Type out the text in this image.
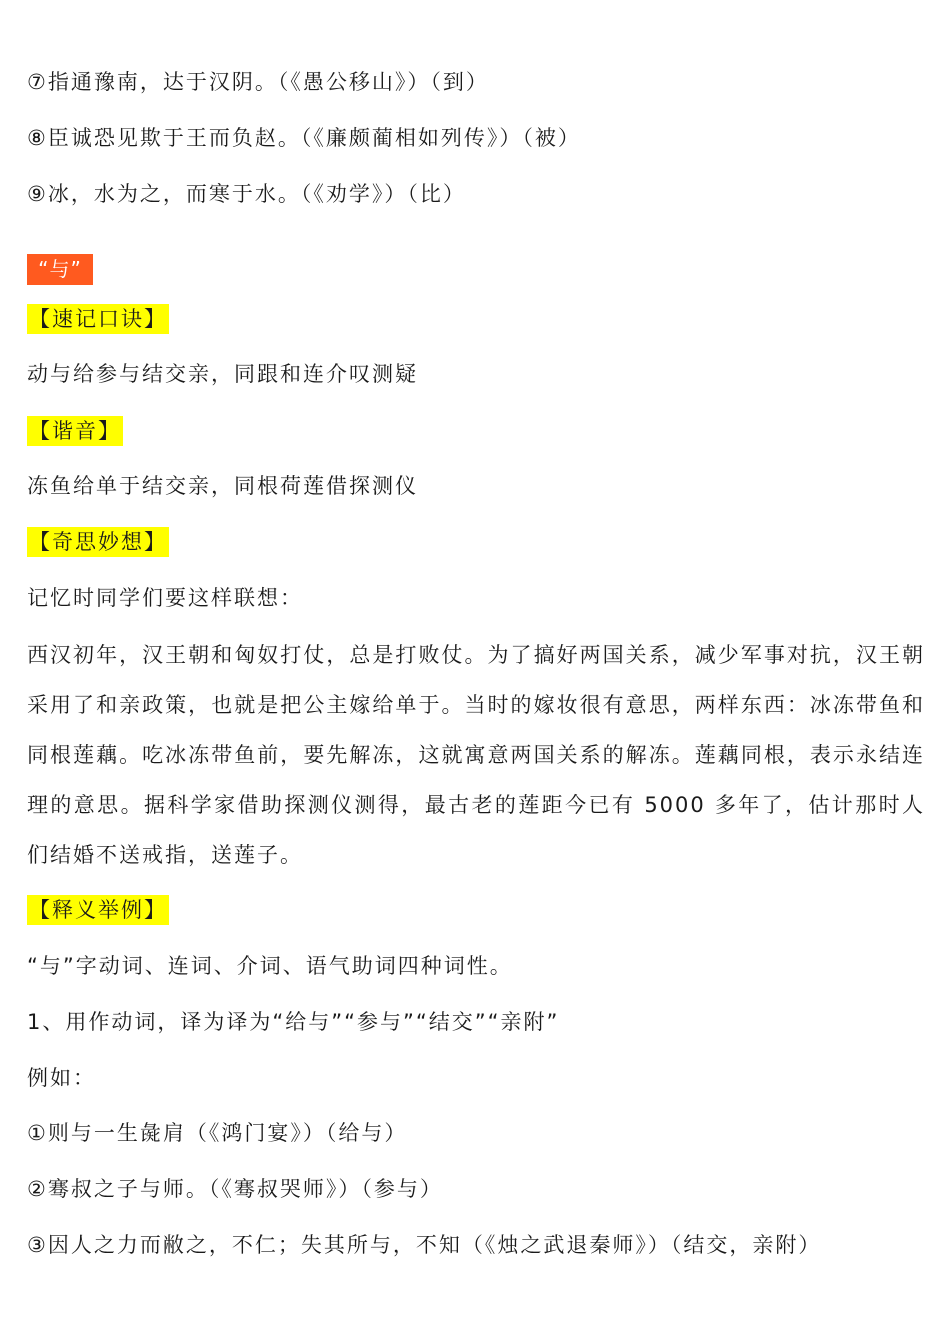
⑦指通豫南，达于汉阴。（《愚公移山》）（到）
⑧臣诚恐见欺于王而负赵。（《廉颇蔺相如列传》）（被）
⑨冰，水为之，而寒于水。（《劝学》）（比）
“与”
【速记口诀】
动与给参与结交亲，同跟和连介叹测疑
【谐音】
冻鱼给单于结交亲，同根荷莲借探测仪
【奇思妙想】
记忆时同学们要这样联想：
西汉初年，汉王朝和匈奴打仗，总是打败仗。为了搞好两国关系，减少军事对抗，汉王朝采用了和亲政策，也就是把公主嫁给单于。当时的嫁妆很有意思，两样东西：冰冻带鱼和同根莲藕。吃冰冻带鱼前，要先解冻，这就寓意两国关系的解冻。莲藕同根，表示永结连理的意思。据科学家借助探测仪测得，最古老的莲距今已有 5000 多年了，估计那时人们结婚不送戒指，送莲子。
【释义举例】
“与”字动词、连词、介词、语气助词四种词性。
1、用作动词，译为译为“给与”“参与”“结交”“亲附”
例如：
①则与一生彘肩（《鸿门宴》）（给与）
②骞叔之子与师。（《骞叔哭师》）（参与）
③因人之力而敝之，不仁；失其所与，不知（《烛之武退秦师》）（结交，亲附）
